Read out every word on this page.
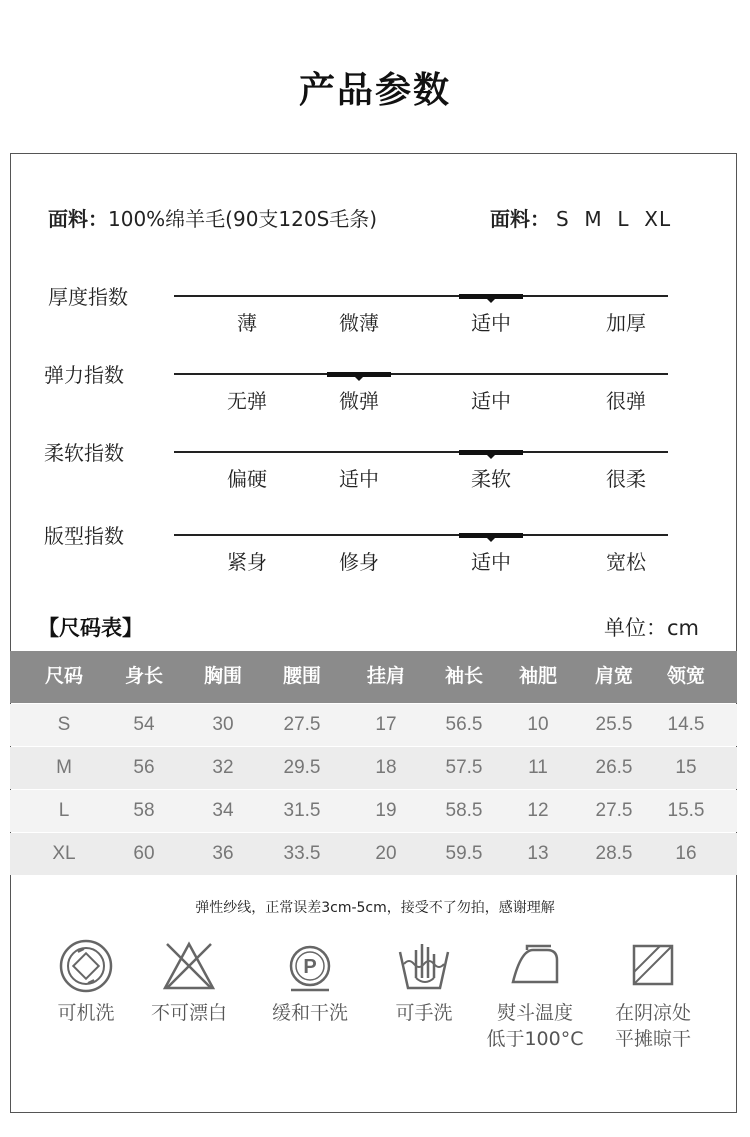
产品参数
面料：100%绵羊毛(90支120S毛条)	面料： S  M  L  XL
厚度指数
薄	微薄	适中	加厚
弹力指数
无弹	微弹	适中	很弹
柔软指数
偏硬	适中	柔软	很柔
版型指数
紧身	修身	适中	宽松
【尺码表】	单位：cm
尺码	身长	胸围	腰围	挂肩	袖长	袖肥	肩宽	领宽
S	54	30	27.5	17	56.5	10	25.5	14.5
M	56	32	29.5	18	57.5	11	26.5	15
L	58	34	31.5	19	58.5	12	27.5	15.5
XL	60	36	33.5	20	59.5	13	28.5	16
弹性纱线，正常误差3cm-5cm，接受不了勿拍，感谢理解
可机洗	不可漂白
P
缓和干洗	可手洗	熨斗温度
低于100°C
在阴凉处
平摊晾干
